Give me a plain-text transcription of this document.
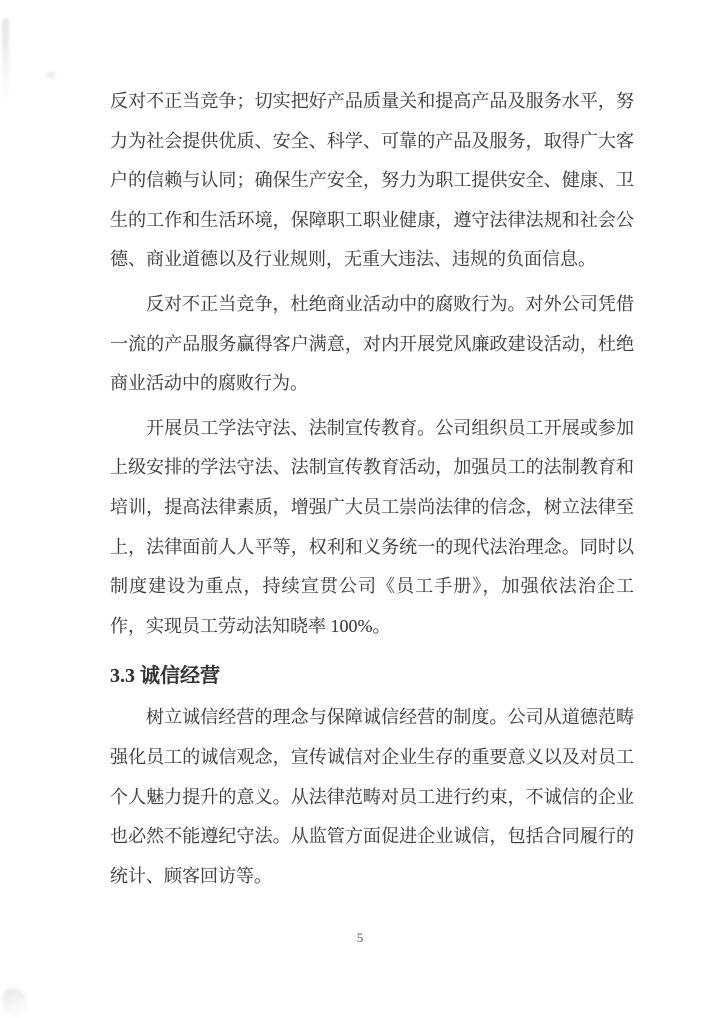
反对不正当竞争；切实把好产品质量关和提高产品及服务水平，努力为社会提供优质、安全、科学、可靠的产品及服务，取得广大客户的信赖与认同；确保生产安全，努力为职工提供安全、健康、卫生的工作和生活环境，保障职工职业健康，遵守法律法规和社会公德、商业道德以及行业规则，无重大违法、违规的负面信息。

反对不正当竞争，杜绝商业活动中的腐败行为。对外公司凭借一流的产品服务赢得客户满意，对内开展党风廉政建设活动，杜绝商业活动中的腐败行为。

开展员工学法守法、法制宣传教育。公司组织员工开展或参加上级安排的学法守法、法制宣传教育活动，加强员工的法制教育和培训，提高法律素质，增强广大员工崇尚法律的信念，树立法律至上，法律面前人人平等，权利和义务统一的现代法治理念。同时以制度建设为重点，持续宣贯公司《员工手册》，加强依法治企工作，实现员工劳动法知晓率 100%。

3.3 诚信经营

树立诚信经营的理念与保障诚信经营的制度。公司从道德范畴强化员工的诚信观念，宣传诚信对企业生存的重要意义以及对员工个人魅力提升的意义。从法律范畴对员工进行约束，不诚信的企业也必然不能遵纪守法。从监管方面促进企业诚信，包括合同履行的统计、顾客回访等。

5
